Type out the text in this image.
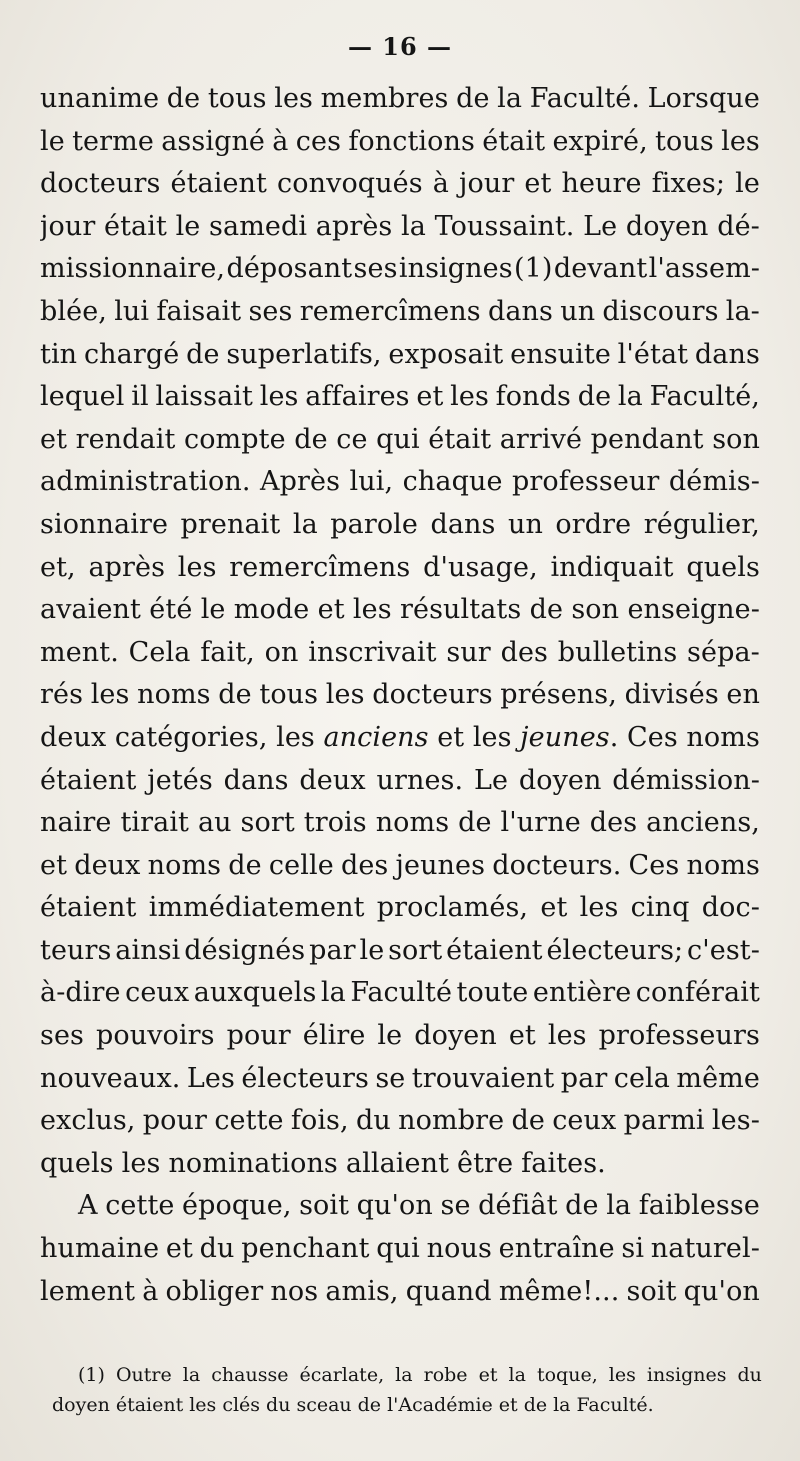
— 16 —
unanime de tous les membres de la Faculté. Lorsque
le terme assigné à ces fonctions était expiré, tous les
docteurs étaient convoqués à jour et heure fixes; le
jour était le samedi après la Toussaint. Le doyen dé-
missionnaire, déposant ses insignes (1) devant l'assem-
blée, lui faisait ses remercîmens dans un discours la-
tin chargé de superlatifs, exposait ensuite l'état dans
lequel il laissait les affaires et les fonds de la Faculté,
et rendait compte de ce qui était arrivé pendant son
administration. Après lui, chaque professeur démis-
sionnaire prenait la parole dans un ordre régulier,
et, après les remercîmens d'usage, indiquait quels
avaient été le mode et les résultats de son enseigne-
ment. Cela fait, on inscrivait sur des bulletins sépa-
rés les noms de tous les docteurs présens, divisés en
deux catégories, les anciens et les jeunes. Ces noms
étaient jetés dans deux urnes. Le doyen démission-
naire tirait au sort trois noms de l'urne des anciens,
et deux noms de celle des jeunes docteurs. Ces noms
étaient immédiatement proclamés, et les cinq doc-
teurs ainsi désignés par le sort étaient électeurs; c'est-
à-dire ceux auxquels la Faculté toute entière conférait
ses pouvoirs pour élire le doyen et les professeurs
nouveaux. Les électeurs se trouvaient par cela même
exclus, pour cette fois, du nombre de ceux parmi les-
quels les nominations allaient être faites.
A cette époque, soit qu'on se défiât de la faiblesse
humaine et du penchant qui nous entraîne si naturel-
lement à obliger nos amis, quand même!... soit qu'on
(1) Outre la chausse écarlate, la robe et la toque, les insignes du
doyen étaient les clés du sceau de l'Académie et de la Faculté.
